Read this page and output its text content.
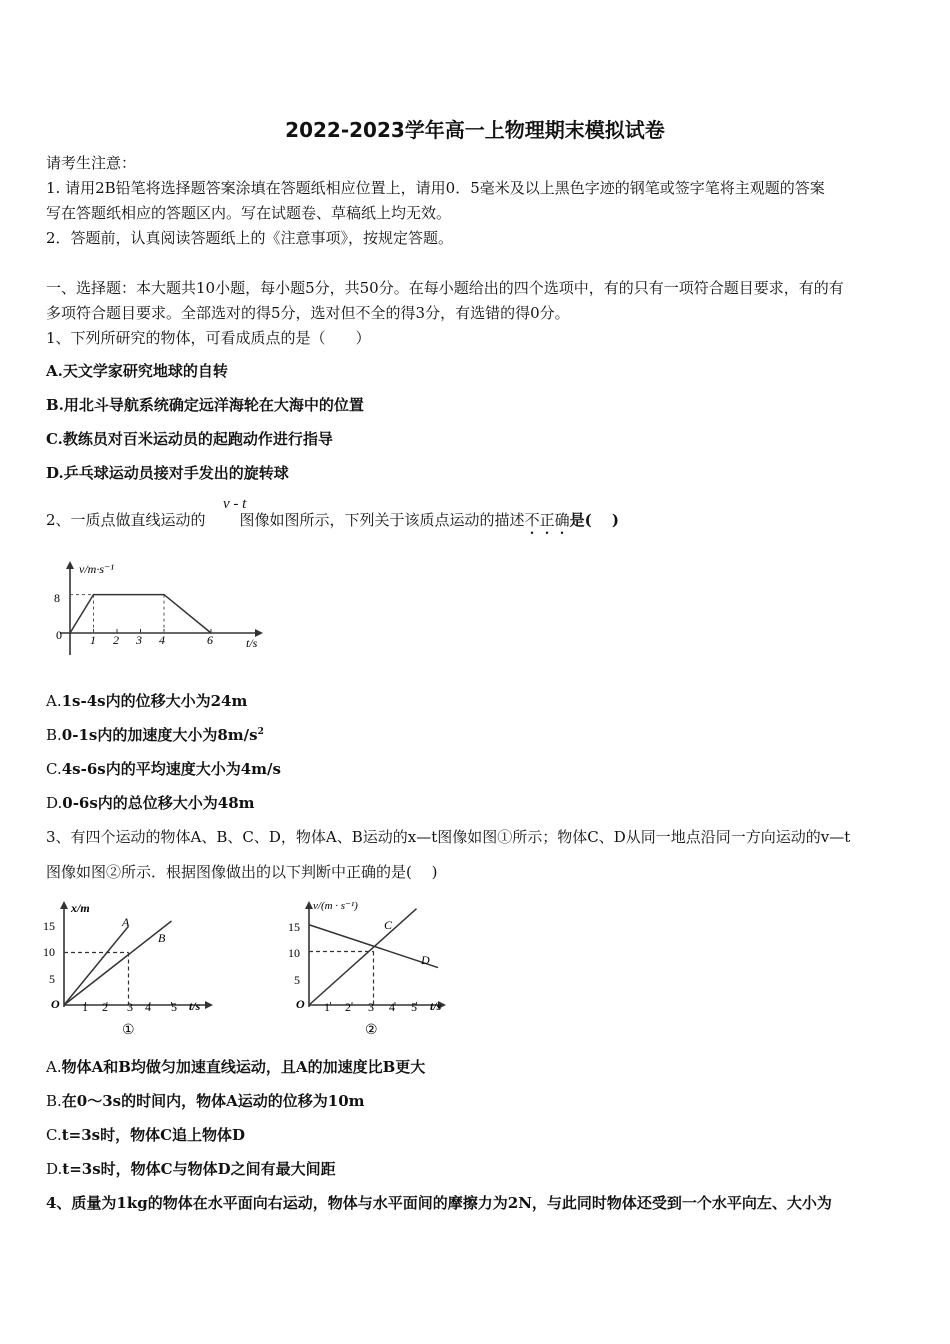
2022-2023学年高一上物理期末模拟试卷
请考生注意：
1. 请用2B铅笔将选择题答案涂填在答题纸相应位置上，请用0．5毫米及以上黑色字迹的钢笔或签字笔将主观题的答案
写在答题纸相应的答题区内。写在试题卷、草稿纸上均无效。
2．答题前，认真阅读答题纸上的《注意事项》，按规定答题。
一、选择题：本大题共10小题，每小题5分，共50分。在每小题给出的四个选项中，有的只有一项符合题目要求，有的有
多项符合题目要求。全部选对的得5分，选对但不全的得3分，有选错的得0分。
1、下列所研究的物体，可看成质点的是（　　）
A.天文学家研究地球的自转
B.用北斗导航系统确定远洋海轮在大海中的位置
C.教练员对百米运动员的起跑动作进行指导
D.乒乓球运动员接对手发出的旋转球
2、一质点做直线运动的 图像如图所示，下列关于该质点运动的描述不正确是(　 )
v - t
v/m·s⁻¹
t/s
0
8
1 2 3 4	6
A.1s-4s内的位移大小为24m
B.0-1s内的加速度大小为$8m/s^2$
C.4s-6s内的平均速度大小为4m/s
D.0-6s内的总位移大小为48m
3、有四个运动的物体A、B、C、D，物体A、B运动的x—t图像如图①所示；物体C、D从同一地点沿同一方向运动的v—t
图像如图②所示．根据图像做出的以下判断中正确的是(　 )
A
B
x/m
t/s
O
5
10
15
1 2 3 4 5
①
C
D
v/(m · s⁻¹)
t/s
O
5
10
15
1 2 3 4 5
②
A.物体A和B均做匀加速直线运动，且A的加速度比B更大
B.在0～3s的时间内，物体A运动的位移为10m
C.t=3s时，物体C追上物体D
D.t=3s时，物体C与物体D之间有最大间距
4、质量为1kg的物体在水平面向右运动，物体与水平面间的摩擦力为2N，与此同时物体还受到一个水平向左、大小为
